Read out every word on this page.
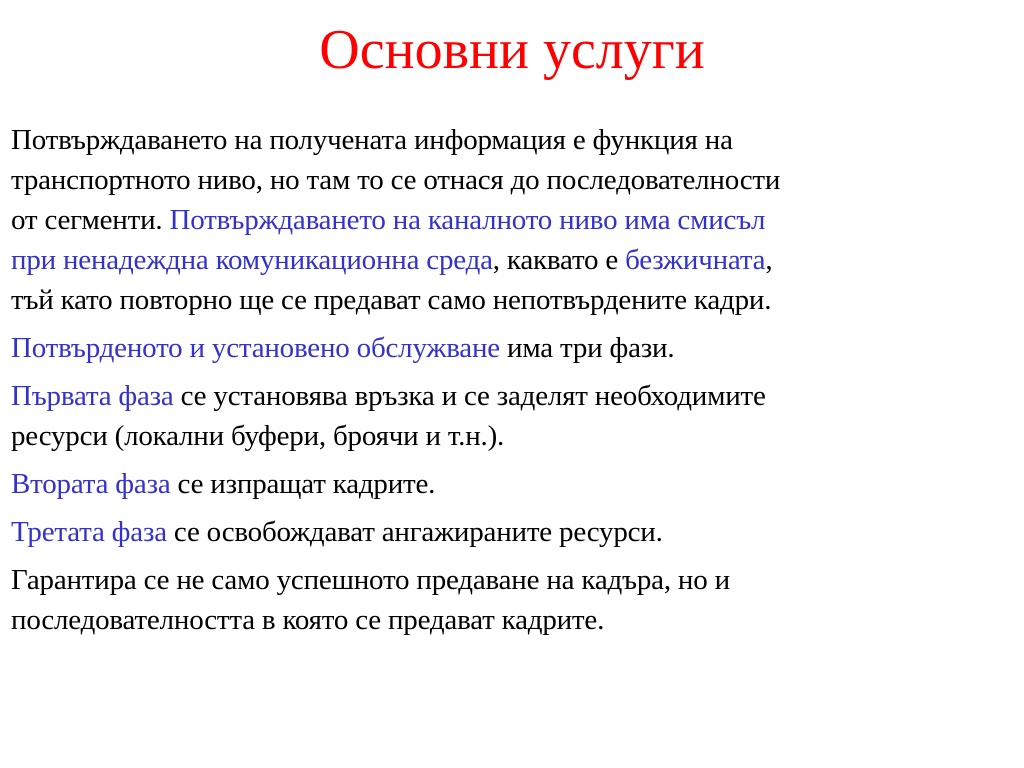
Основни услуги
Потвърждаването на получената информация е функция на
транспортното ниво, но там то се отнася до последователности
от сегменти. Потвърждаването на каналното ниво има смисъл
при ненадеждна комуникационна среда, каквато е безжичната,
тъй като повторно ще се предават само непотвърдените кадри.
Потвърденото и установено обслужване има три фази.
Първата фаза се установява връзка и се заделят необходимите
ресурси (локални буфери, броячи и т.н.).
Втората фаза се изпращат кадрите.
Третата фаза се освобождават ангажираните ресурси.
Гарантира се не само успешното предаване на кадъра, но и
последователността в която се предават кадрите.
